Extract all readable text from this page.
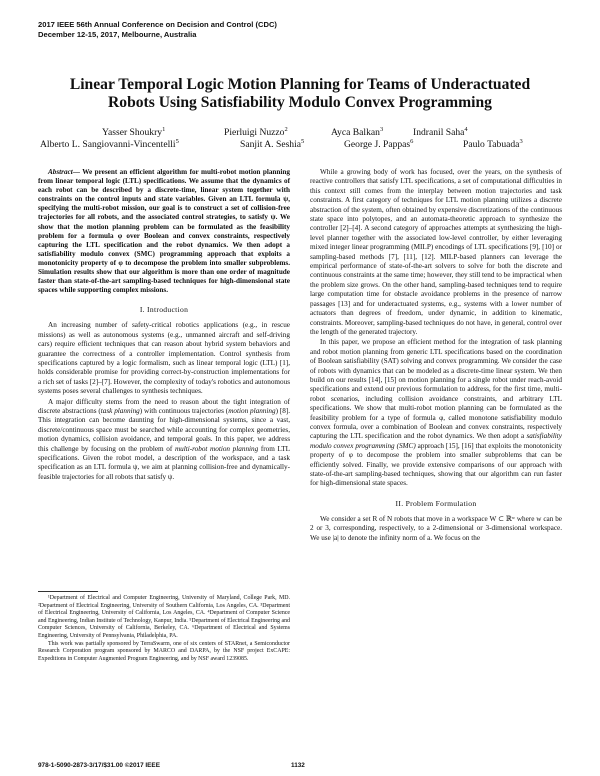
2017 IEEE 56th Annual Conference on Decision and Control (CDC)
December 12-15, 2017, Melbourne, Australia
Linear Temporal Logic Motion Planning for Teams of Underactuated
Robots Using Satisfiability Modulo Convex Programming
Yasser Shoukry$^1$	Pierluigi Nuzzo$^2$	Ayca Balkan$^3$	Indranil Saha$^4$
Alberto L. Sangiovanni-Vincentelli$^5$	Sanjit A. Seshia$^5$	George J. Pappas$^6$	Paulo Tabuada$^3$

Abstract— We present an efficient algorithm for multi-robot motion planning from linear temporal logic (LTL) specifications. We assume that the dynamics of each robot can be described by a discrete-time, linear system together with constraints on the control inputs and state variables. Given an LTL formula ψ, specifying the multi-robot mission, our goal is to construct a set of collision-free trajectories for all robots, and the associated control strategies, to satisfy ψ. We show that the motion planning problem can be formulated as the feasibility problem for a formula φ over Boolean and convex constraints, respectively capturing the LTL specification and the robot dynamics. We then adopt a satisfiability modulo convex (SMC) programming approach that exploits a monotonicity property of φ to decompose the problem into smaller subproblems. Simulation results show that our algorithm is more than one order of magnitude faster than state-of-the-art sampling-based techniques for high-dimensional state spaces while supporting complex missions.

I. Introduction

An increasing number of safety-critical robotics applications (e.g., in rescue missions) as well as autonomous systems (e.g., unmanned aircraft and self-driving cars) require efficient techniques that can reason about hybrid system behaviors and guarantee the correctness of a controller implementation. Control synthesis from specifications captured by a logic formalism, such as linear temporal logic (LTL) [1], holds considerable promise for providing correct-by-construction implementations for a rich set of tasks [2]–[7]. However, the complexity of today's robotics and autonomous systems poses several challenges to synthesis techniques.

A major difficulty stems from the need to reason about the tight integration of discrete abstractions (task planning) with continuous trajectories (motion planning) [8]. This integration can become daunting for high-dimensional systems, since a vast, discrete/continuous space must be searched while accounting for complex geometries, motion dynamics, collision avoidance, and temporal goals. In this paper, we address this challenge by focusing on the problem of multi-robot motion planning from LTL specifications. Given the robot model, a description of the workspace, and a task specification as an LTL formula ψ, we aim at planning collision-free and dynamically-feasible trajectories for all robots that satisfy ψ.

¹Department of Electrical and Computer Engineering, University of Maryland, College Park, MD. ²Department of Electrical Engineering, University of Southern California, Los Angeles, CA. ³Department of Electrical Engineering, University of California, Los Angeles, CA. ⁴Department of Computer Science and Engineering, Indian Institute of Technology, Kanpur, India. ⁵Department of Electrical Engineering and Computer Sciences, University of California, Berkeley, CA. ⁶Department of Electrical and Systems Engineering, University of Pennsylvania, Philadelphia, PA.

This work was partially sponsored by TerraSwarm, one of six centers of STARnet, a Semiconductor Research Corporation program sponsored by MARCO and DARPA, by the NSF project ExCAPE: Expeditions in Computer Augmented Program Engineering, and by NSF award 1239085.

While a growing body of work has focused, over the years, on the synthesis of reactive controllers that satisfy LTL specifications, a set of computational difficulties in this context still comes from the interplay between motion trajectories and task constraints. A first category of techniques for LTL motion planning utilizes a discrete abstraction of the system, often obtained by expensive discretizations of the continuous state space into polytopes, and an automata-theoretic approach to synthesize the controller [2]–[4]. A second category of approaches attempts at synthesizing the high-level planner together with the associated low-level controller, by either leveraging mixed integer linear programming (MILP) encodings of LTL specifications [9], [10] or sampling-based methods [7], [11], [12]. MILP-based planners can leverage the empirical performance of state-of-the-art solvers to solve for both the discrete and continuous constraints at the same time; however, they still tend to be impractical when the problem size grows. On the other hand, sampling-based techniques tend to require large computation time for obstacle avoidance problems in the presence of narrow passages [13] and for underactuated systems, e.g., systems with a lower number of actuators than degrees of freedom, under dynamic, in addition to kinematic, constraints. Moreover, sampling-based techniques do not have, in general, control over the length of the generated trajectory.

In this paper, we propose an efficient method for the integration of task planning and robot motion planning from generic LTL specifications based on the coordination of Boolean satisfiability (SAT) solving and convex programming. We consider the case of robots with dynamics that can be modeled as a discrete-time linear system. We then build on our results [14], [15] on motion planning for a single robot under reach-avoid specifications and extend our previous formulation to address, for the first time, multi-robot scenarios, including collision avoidance constraints, and arbitrary LTL specifications. We show that multi-robot motion planning can be formulated as the feasibility problem for a type of formula φ, called monotone satisfiability modulo convex formula, over a combination of Boolean and convex constraints, respectively capturing the LTL specification and the robot dynamics. We then adopt a satisfiability modulo convex programming (SMC) approach [15], [16] that exploits the monotonicity property of φ to decompose the problem into smaller subproblems that can be efficiently solved. Finally, we provide extensive comparisons of our approach with state-of-the-art sampling-based techniques, showing that our algorithm can run faster for high-dimensional state spaces.

II. Problem Formulation

We consider a set R of N robots that move in a workspace W ⊂ ℝʷ where w can be 2 or 3, corresponding, respectively, to a 2-dimensional or 3-dimensional workspace. We use |a| to denote the infinity norm of a. We focus on the

978-1-5090-2873-3/17/$31.00 ©2017 IEEE	1132
